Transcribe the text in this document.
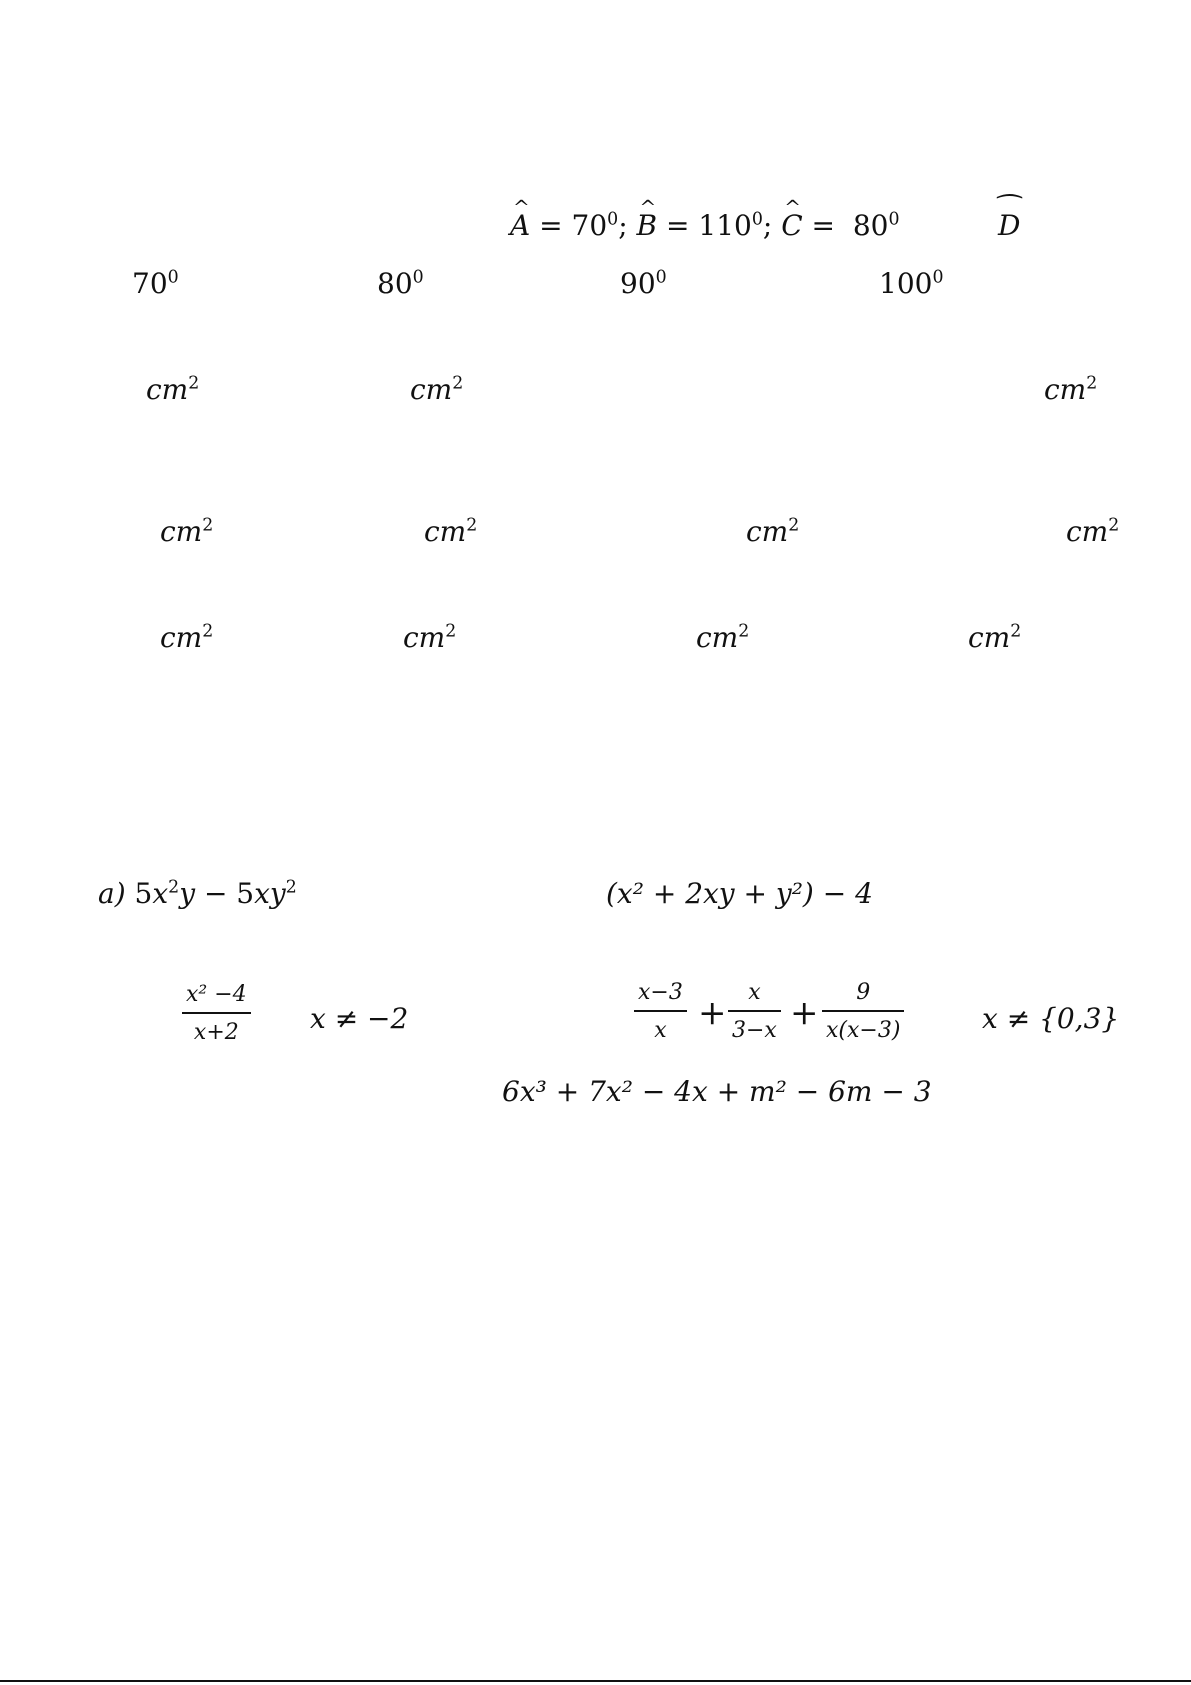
^ $A = 70^0$; ^ $B = 110^0$; ^ $C = 80^0$
‿	D
$70^0$	$80^0$	$90^0$	$100^0$
$cm^2$	$cm^2$	$cm^2$
$cm^2$	$cm^2$	$cm^2$	$cm^2$
$cm^2$	$cm^2$	$cm^2$	$cm^2$
a) $5x^2y - 5xy^2$	(x² + 2xy + y²) − 4
x² −4
x+2	x ≠ −2
x−3
x +
x
3−x +
9
x(x−3)	x ≠ {0,3}
6x³ + 7x² − 4x + m² − 6m − 3
